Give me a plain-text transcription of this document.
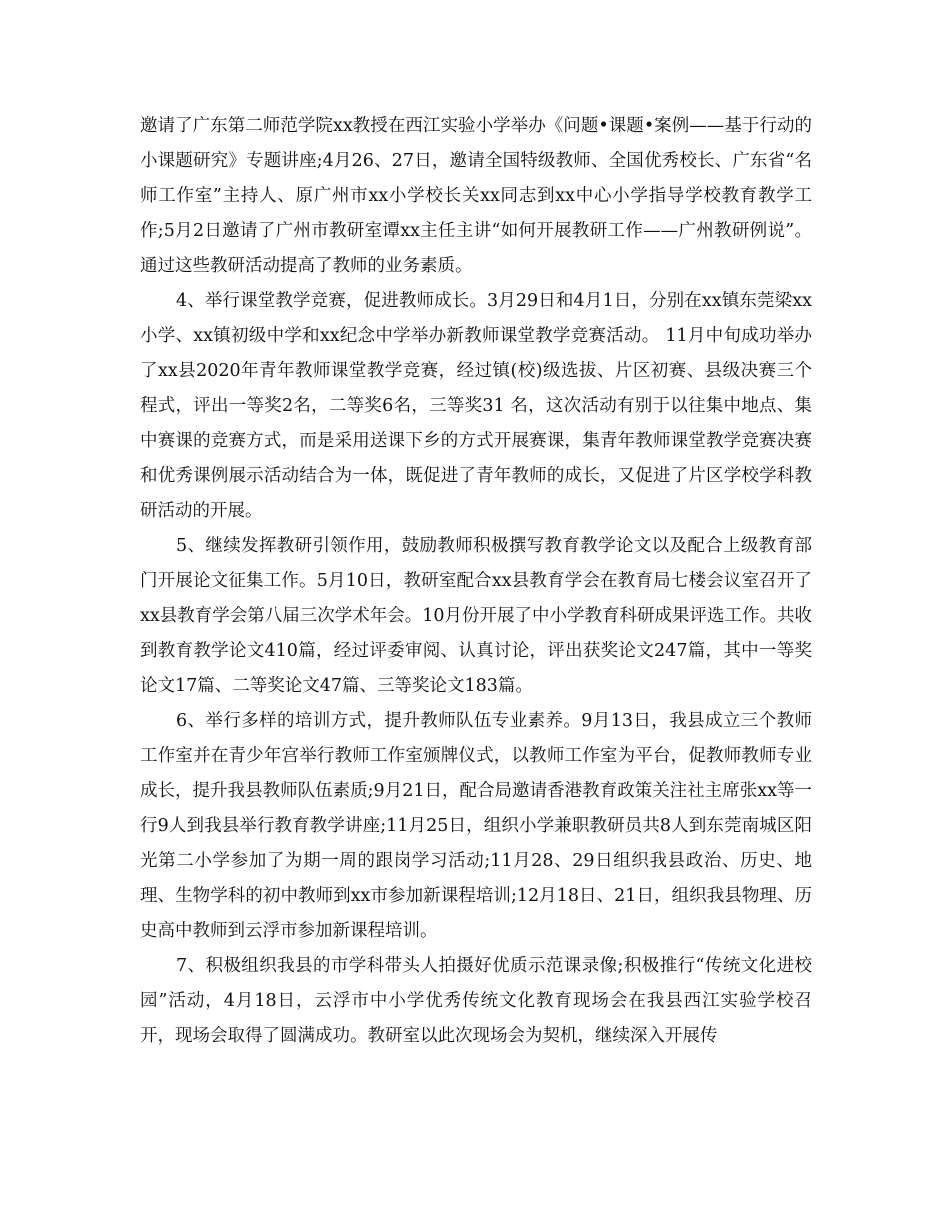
邀请了广东第二师范学院xx教授在西江实验小学举办《问题•课题•案例——基于行动的小课题研究》专题讲座;4月26、27日，邀请全国特级教师、全国优秀校长、广东省“名师工作室”主持人、原广州市xx小学校长关xx同志到xx中心小学指导学校教育教学工作;5月2日邀请了广州市教研室谭xx主任主讲“如何开展教研工作——广州教研例说”。通过这些教研活动提高了教师的业务素质。

4、举行课堂教学竞赛，促进教师成长。3月29日和4月1日，分别在xx镇东莞梁xx小学、xx镇初级中学和xx纪念中学举办新教师课堂教学竞赛活动。 11月中旬成功举办了xx县2020年青年教师课堂教学竞赛，经过镇(校)级选拔、片区初赛、县级决赛三个程式，评出一等奖2名，二等奖6名，三等奖31 名，这次活动有别于以往集中地点、集中赛课的竞赛方式，而是采用送课下乡的方式开展赛课，集青年教师课堂教学竞赛决赛和优秀课例展示活动结合为一体，既促进了青年教师的成长，又促进了片区学校学科教研活动的开展。

5、继续发挥教研引领作用，鼓励教师积极撰写教育教学论文以及配合上级教育部门开展论文征集工作。5月10日，教研室配合xx县教育学会在教育局七楼会议室召开了xx县教育学会第八届三次学术年会。10月份开展了中小学教育科研成果评选工作。共收到教育教学论文410篇，经过评委审阅、认真讨论，评出获奖论文247篇，其中一等奖论文17篇、二等奖论文47篇、三等奖论文183篇。

6、举行多样的培训方式，提升教师队伍专业素养。9月13日，我县成立三个教师工作室并在青少年宫举行教师工作室颁牌仪式，以教师工作室为平台，促教师教师专业成长，提升我县教师队伍素质;9月21日，配合局邀请香港教育政策关注社主席张xx等一行9人到我县举行教育教学讲座;11月25日，组织小学兼职教研员共8人到东莞南城区阳光第二小学参加了为期一周的跟岗学习活动;11月28、29日组织我县政治、历史、地理、生物学科的初中教师到xx市参加新课程培训;12月18日、21日，组织我县物理、历史高中教师到云浮市参加新课程培训。

7、积极组织我县的市学科带头人拍摄好优质示范课录像;积极推行“传统文化进校园”活动，4月18日，云浮市中小学优秀传统文化教育现场会在我县西江实验学校召开，现场会取得了圆满成功。教研室以此次现场会为契机，继续深入开展传
